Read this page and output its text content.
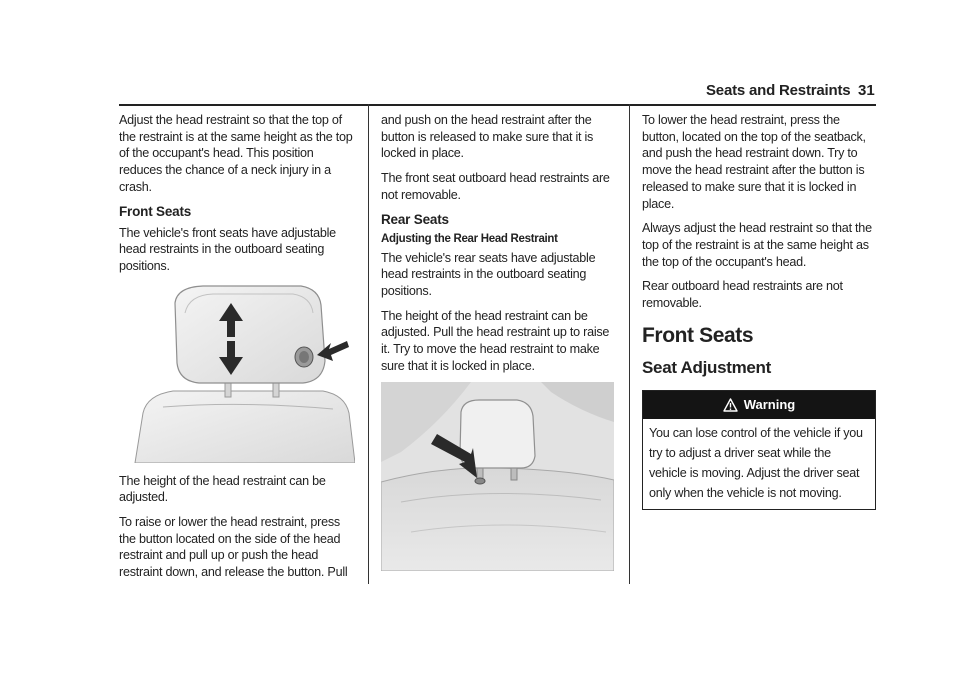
Seats and Restraints 31

Adjust the head restraint so that the top of the restraint is at the same height as the top of the occupant's head. This position reduces the chance of a neck injury in a crash.

Front Seats

The vehicle's front seats have adjustable head restraints in the outboard seating positions.

The height of the head restraint can be adjusted.

To raise or lower the head restraint, press the button located on the side of the head restraint and pull up or push the head restraint down, and release the button. Pull

and push on the head restraint after the button is released to make sure that it is locked in place.

The front seat outboard head restraints are not removable.

Rear Seats
Adjusting the Rear Head Restraint

The vehicle's rear seats have adjustable head restraints in the outboard seating positions.

The height of the head restraint can be adjusted. Pull the head restraint up to raise it. Try to move the head restraint to make sure that it is locked in place.

To lower the head restraint, press the button, located on the top of the seatback, and push the head restraint down. Try to move the head restraint after the button is released to make sure that it is locked in place.

Always adjust the head restraint so that the top of the restraint is at the same height as the top of the occupant's head.

Rear outboard head restraints are not removable.

Front Seats
Seat Adjustment
Warning

You can lose control of the vehicle if you try to adjust a driver seat while the vehicle is moving. Adjust the driver seat only when the vehicle is not moving.
